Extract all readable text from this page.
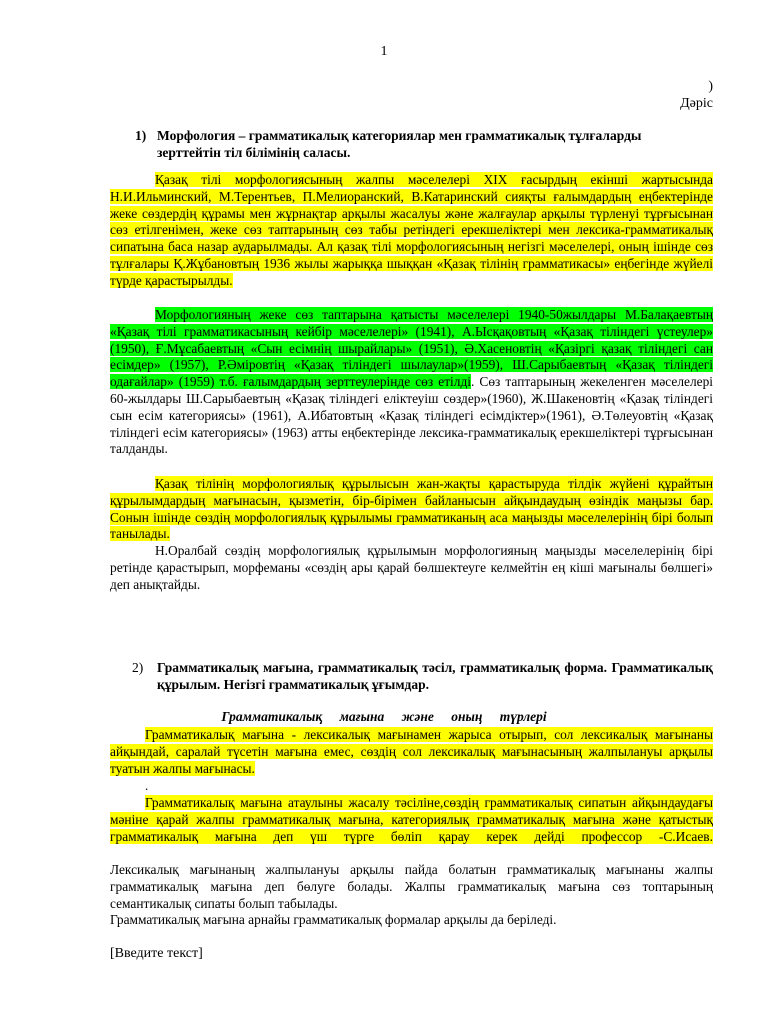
1
)
Дәріс
1) Морфология – грамматикалық категориялар мен грамматикалық тұлғаларды зерттейтін тіл білімінің саласы.
Қазақ тілі морфологиясының жалпы мәселелері XIX ғасырдың екінші жартысында Н.И.Ильминский, М.Терентьев, П.Мелиоранский, В.Катаринский сияқты ғалымдардың еңбектерінде жеке сөздердің құрамы мен жұрнақтар арқылы жасалуы және жалғаулар арқылы түрленуі тұрғысынан сөз етілгенімен, жеке сөз таптарының сөз табы ретіндегі ерекшеліктері мен лексика-грамматикалық сипатына баса назар аударылмады. Ал қазақ тілі морфологиясының негізгі мәселелері, оның ішінде сөз тұлғалары Қ.Жұбановтың 1936 жылы жарыққа шыққан «Қазақ тілінің грамматикасы» еңбегінде жүйелі түрде қарастырылды.
Морфологияның жеке сөз таптарына қатысты мәселелері 1940-50жылдары М.Балақаевтың «Қазақ тілі грамматикасының кейбір мәселелері» (1941), А.Ысқақовтың «Қазақ тіліндегі үстеулер» (1950), Ғ.Мұсабаевтың «Сын есімнің шырайлары» (1951), Ә.Хасеновтің «Қазіргі қазақ тіліндегі сан есімдер» (1957), Р.Әміровтің «Қазақ тіліндегі шылаулар»(1959), Ш.Сарыбаевтың «Қазақ тіліндегі одағайлар» (1959) т.б. ғалымдардың зерттеулерінде сөз етілді. Сөз таптарының жекеленген мәселелері 60-жылдары Ш.Сарыбаевтың «Қазақ тіліндегі еліктеуіш сөздер»(1960), Ж.Шакеновтің «Қазақ тіліндегі сын есім категориясы» (1961), А.Ибатовтың «Қазақ тіліндегі есімдіктер»(1961), Ә.Төлеуовтің «Қазақ тіліндегі есім категориясы» (1963) атты еңбектерінде лексика-грамматикалық ерекшеліктері тұрғысынан талданды.
Қазақ тілінің морфологиялық құрылысын жан-жақты қарастыруда тілдік жүйені құрайтын құрылымдардың мағынасын, қызметін, бір-бірімен байланысын айқындаудың өзіндік маңызы бар. Сонын ішінде сөздің морфологиялық құрылымы грамматиканың аса маңызды мәселелерінің бірі болып танылады.
Н.Оралбай сөздің морфологиялық құрылымын морфологияның маңызды мәселелерінің бірі ретінде қарастырып, морфеманы «сөздің ары қарай бөлшектеуге келмейтін ең кіші мағыналы бөлшегі» деп анықтайды.
2) Грамматикалық мағына, грамматикалық тәсіл, грамматикалық форма. Грамматикалық құрылым. Негізгі грамматикалық ұғымдар.
Грамматикалық мағына және оның түрлері
Грамматикалық мағына - лексикалық мағынамен жарыса отырып, сол лексикалық мағынаны айқындай, саралай түсетін мағына емес, сөздің сол лексикалық мағынасының жалпылануы арқылы туатын жалпы мағынасы.
.
Грамматикалық мағына атаулыны жасалу тәсіліне,сөздің грамматикалық сипатын айқындаудағы мәніне қарай жалпы грамматикалық мағына, категориялық грамматикалық мағына және қатыстық грамматикалық мағына деп үш түрге бөліп қарау керек дейді профессор -С.Исаев.
Лексикалық мағынаның жалпылануы арқылы пайда болатын грамматикалық мағынаны жалпы грамматикалық мағына деп бөлуге болады. Жалпы грамматикалық мағына сөз топтарының семантикалық сипаты болып табылады.
Грамматикалық мағына арнайы грамматикалық формалар арқылы да беріледі.
[Введите текст]
